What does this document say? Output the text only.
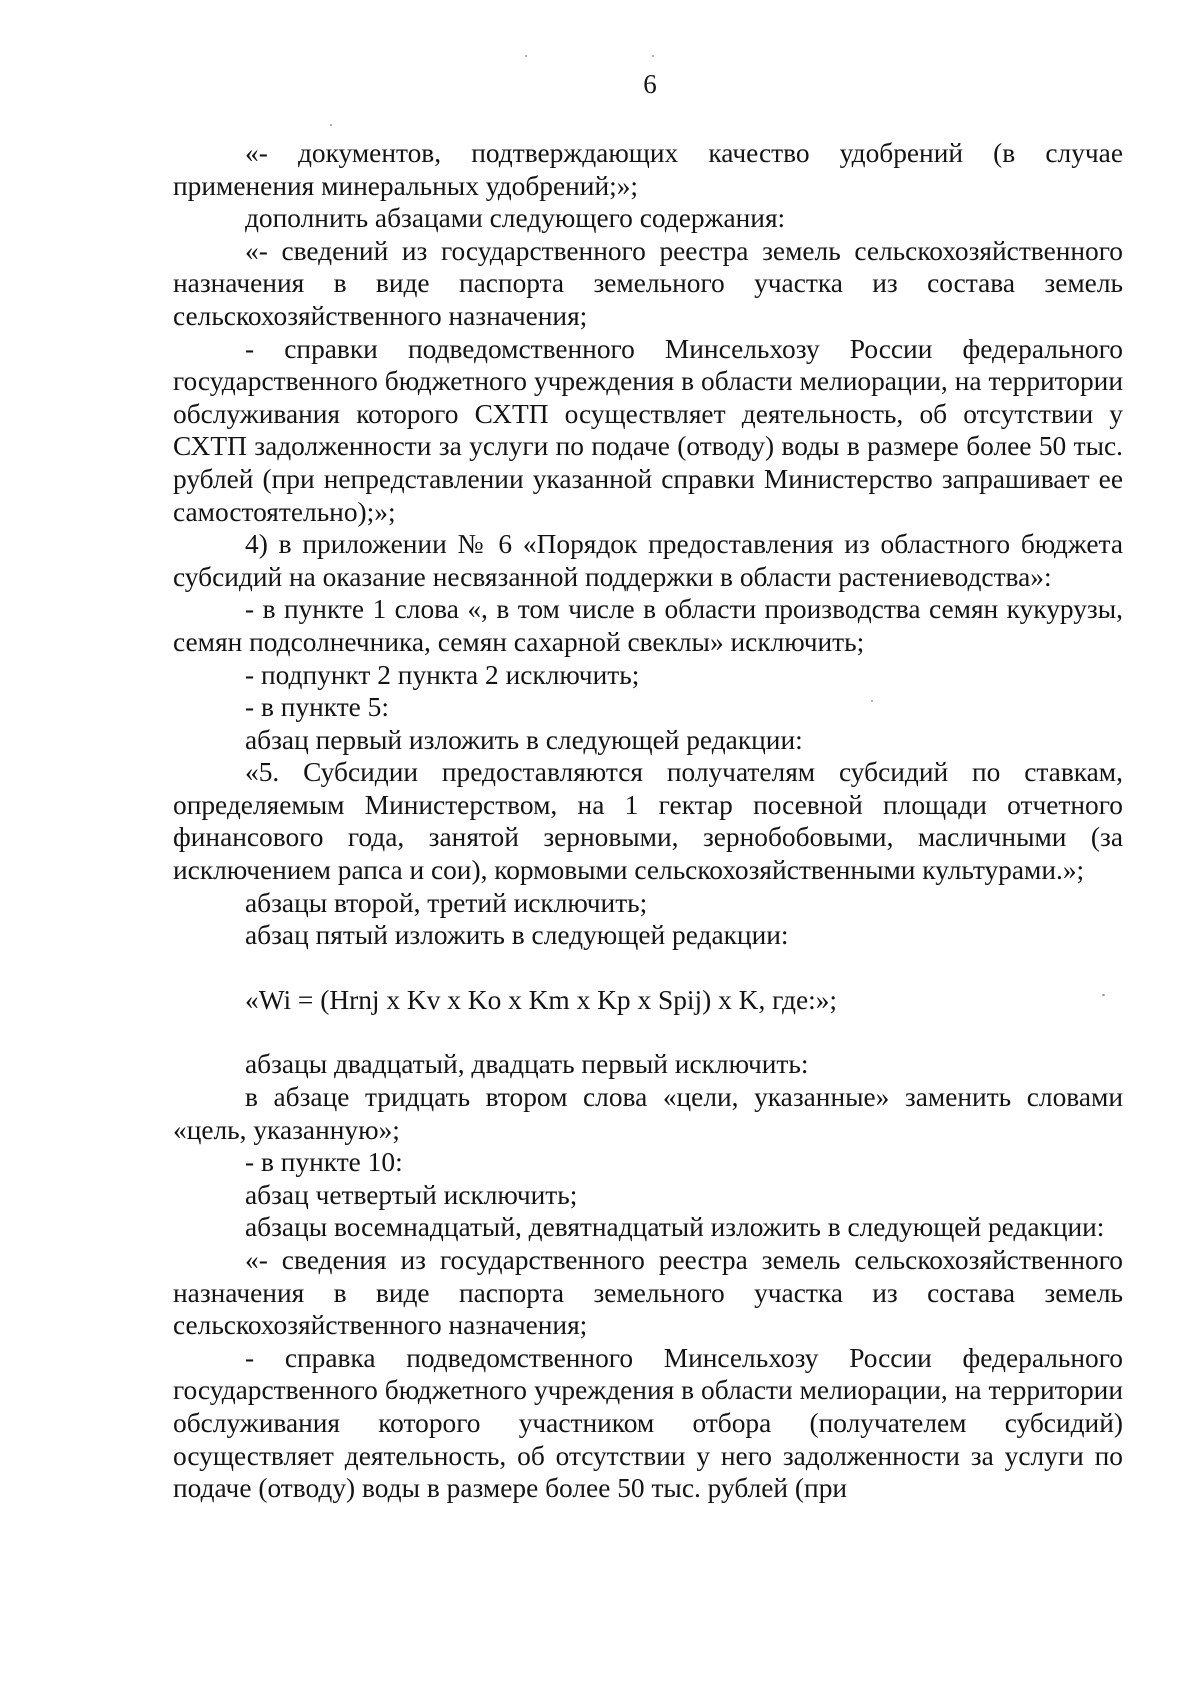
6

«- документов, подтверждающих качество удобрений (в случае применения минеральных удобрений;»;

дополнить абзацами следующего содержания:

«- сведений из государственного реестра земель сельскохозяйственного назначения в виде паспорта земельного участка из состава земель сельскохозяйственного назначения;

- справки подведомственного Минсельхозу России федерального государственного бюджетного учреждения в области мелиорации, на территории обслуживания которого СХТП осуществляет деятельность, об отсутствии у СХТП задолженности за услуги по подаче (отводу) воды в размере более 50 тыс. рублей (при непредставлении указанной справки Министерство запрашивает ее самостоятельно);»;

4) в приложении № 6 «Порядок предоставления из областного бюджета субсидий на оказание несвязанной поддержки в области растениеводства»:

- в пункте 1 слова «, в том числе в области производства семян кукурузы, семян подсолнечника, семян сахарной свеклы» исключить;

- подпункт 2 пункта 2 исключить;

- в пункте 5:

абзац первый изложить в следующей редакции:

«5. Субсидии предоставляются получателям субсидий по ставкам, определяемым Министерством, на 1 гектар посевной площади отчетного финансового года, занятой зерновыми, зернобобовыми, масличными (за исключением рапса и сои), кормовыми сельскохозяйственными культурами.»;

абзацы второй, третий исключить;

абзац пятый изложить в следующей редакции:

«Wi = (Hrnj x Kv x Ko x Km x Kp x Spij) x K, где:»;

абзацы двадцатый, двадцать первый исключить:

в абзаце тридцать втором слова «цели, указанные» заменить словами «цель, указанную»;

- в пункте 10:

абзац четвертый исключить;

абзацы восемнадцатый, девятнадцатый изложить в следующей редакции:

«- сведения из государственного реестра земель сельскохозяйственного назначения в виде паспорта земельного участка из состава земель сельскохозяйственного назначения;

- справка подведомственного Минсельхозу России федерального государственного бюджетного учреждения в области мелиорации, на территории обслуживания которого участником отбора (получателем субсидий) осуществляет деятельность, об отсутствии у него задолженности за услуги по подаче (отводу) воды в размере более 50 тыс. рублей (при
